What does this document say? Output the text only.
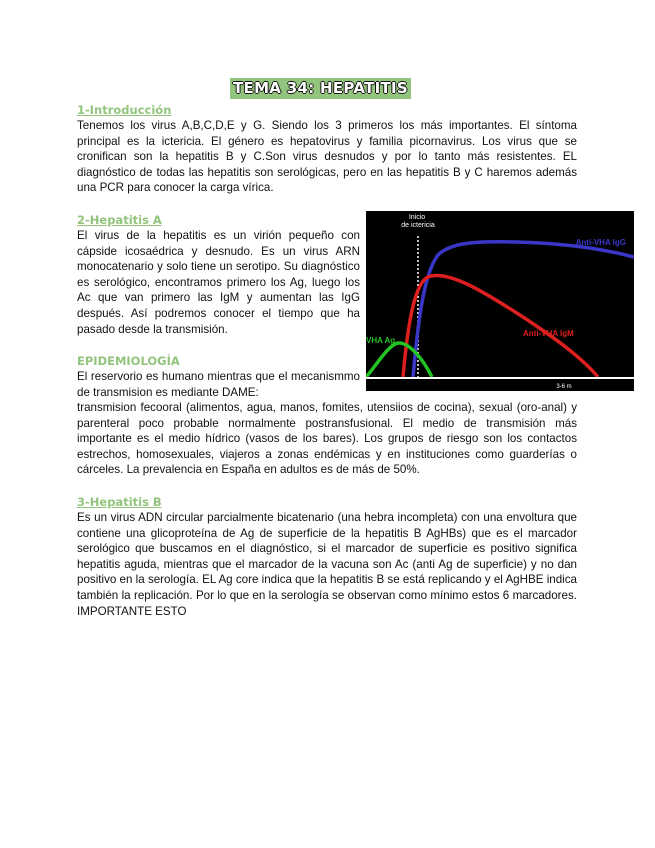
TEMA 34: HEPATITIS
1-Introducción

Tenemos los virus A,B,C,D,E y G. Siendo los 3 primeros los más importantes. El síntoma principal es la ictericia. El género es hepatovirus y familia picornavirus. Los virus que se cronifican son la hepatitis B y C.Son virus desnudos y por lo tanto más resistentes. EL diagnóstico de todas las hepatitis son serológicas, pero en las hepatitis B y C haremos además una PCR para conocer la carga vírica.

2-Hepatitis A

El virus de la hepatitis es un virión pequeño con cápside icosaédrica y desnudo. Es un virus ARN monocatenario y solo tiene un serotipo. Su diagnóstico es serológico, encontramos primero los Ag, luego los Ac que van primero las IgM y aumentan las IgG después. Así podremos conocer el tiempo que ha pasado desde la transmisión.

EPIDEMIOLOGÍA

El reservorio es humano mientras que el mecanismmo de transmision es mediante DAME:

transmision fecooral (alimentos, agua, manos, fomites, utensiios de cocina), sexual (oro-anal) y parenteral poco probable normalmente postransfusional. El medio de transmisión más importante es el medio hídrico (vasos de los bares). Los grupos de riesgo son los contactos estrechos, homosexuales, viajeros a zonas endémicas y en instituciones como guarderías o cárceles. La prevalencia en España en adultos es de más de 50%.

3-Hepatitis B

Es un virus ADN circular parcialmente bicatenario (una hebra incompleta) con una envoltura que contiene una glicoproteína de Ag de superficie de la hepatitis B AgHBs) que es el marcador serológico que buscamos en el diagnóstico, si el marcador de superficie es positivo significa hepatitis aguda, mientras que el marcador de la vacuna son Ac (anti Ag de superficie) y no dan positivo en la serología. EL Ag core indica que la hepatitis B se está replicando y el AgHBE indica también la replicación. Por lo que en la serología se observan como mínimo estos 6 marcadores. IMPORTANTE ESTO

Inicio de ictericia
Anti-VHA IgG
Anti-VHA IgM
VHA Ag
3-6 m
